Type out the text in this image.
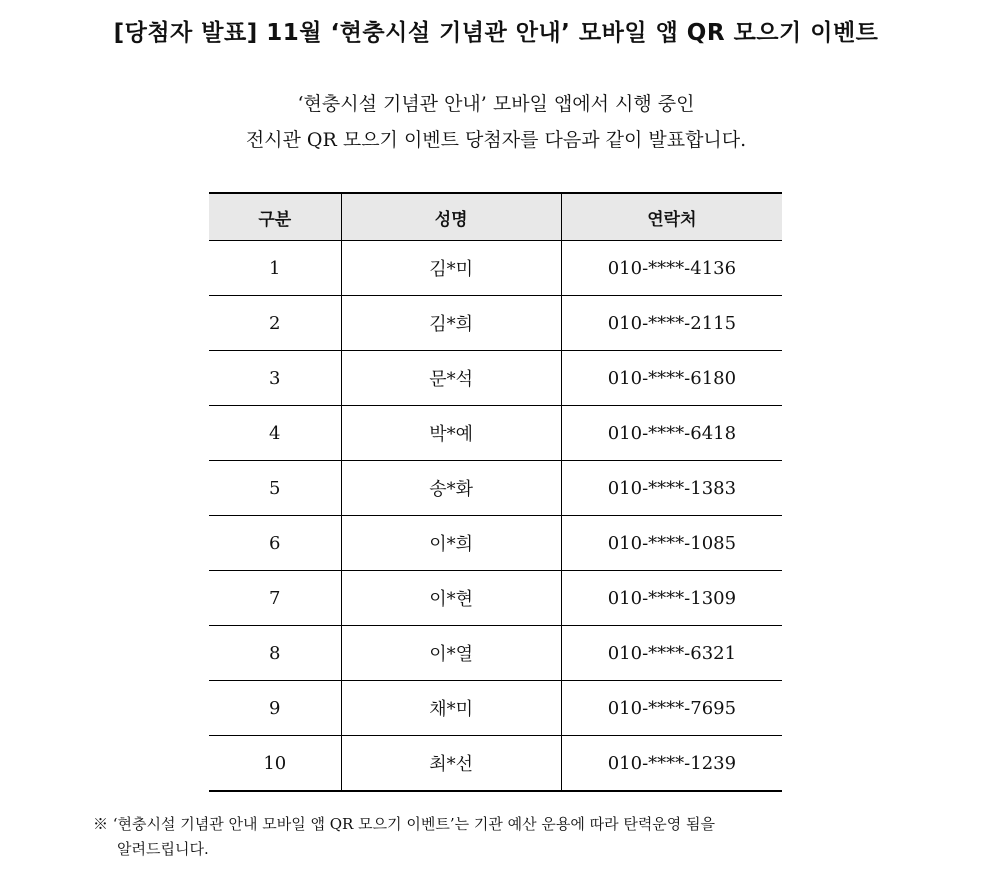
[당첨자 발표] 11월 ‘현충시설 기념관 안내’ 모바일 앱 QR 모으기 이벤트
‘현충시설 기념관 안내’ 모바일 앱에서 시행 중인
전시관 QR 모으기 이벤트 당첨자를 다음과 같이 발표합니다.
구분	성명	연락처
1	김*미	010-****-4136
2	김*희	010-****-2115
3	문*석	010-****-6180
4	박*예	010-****-6418
5	송*화	010-****-1383
6	이*희	010-****-1085
7	이*현	010-****-1309
8	이*열	010-****-6321
9	채*미	010-****-7695
10	최*선	010-****-1239
※ ‘현충시설 기념관 안내 모바일 앱 QR 모으기 이벤트’는 기관 예산 운용에 따라 탄력운영 됨을
알려드립니다.
